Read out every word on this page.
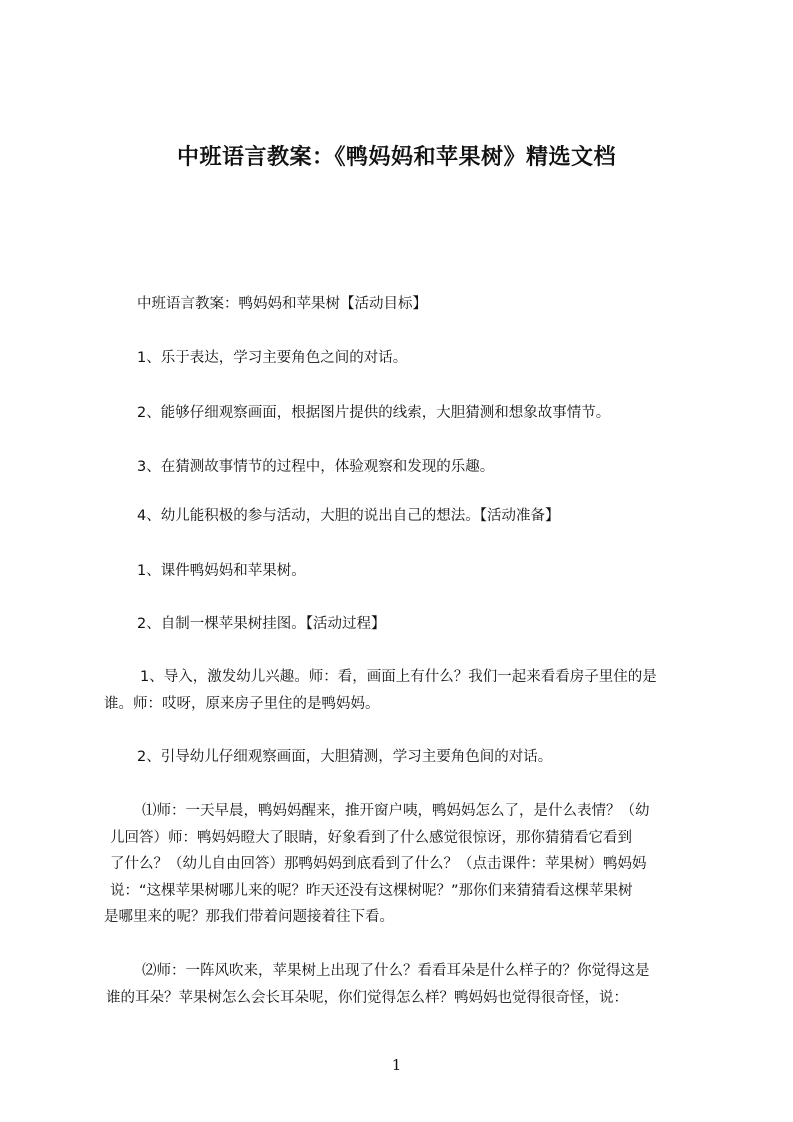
中班语言教案：《鸭妈妈和苹果树》精选文档
中班语言教案：鸭妈妈和苹果树【活动目标】
1、乐于表达，学习主要角色之间的对话。
2、能够仔细观察画面，根据图片提供的线索，大胆猜测和想象故事情节。
3、在猜测故事情节的过程中，体验观察和发现的乐趣。
4、幼儿能积极的参与活动，大胆的说出自己的想法。【活动准备】
1、课件鸭妈妈和苹果树。
2、自制一棵苹果树挂图。【活动过程】
1、导入，激发幼儿兴趣。师：看，画面上有什么？我们一起来看看房子里住的是
谁。师：哎呀，原来房子里住的是鸭妈妈。
2、引导幼儿仔细观察画面，大胆猜测，学习主要角色间的对话。
⑴师：一天早晨，鸭妈妈醒来，推开窗户咦，鸭妈妈怎么了，是什么表情？（幼
儿回答）师：鸭妈妈瞪大了眼睛，好象看到了什么感觉很惊讶，那你猜猜看它看到
了什么？（幼儿自由回答）那鸭妈妈到底看到了什么？（点击课件：苹果树）鸭妈妈
说：“这棵苹果树哪儿来的呢？昨天还没有这棵树呢？”那你们来猜猜看这棵苹果树
是哪里来的呢？那我们带着问题接着往下看。
⑵师：一阵风吹来，苹果树上出现了什么？看看耳朵是什么样子的？你觉得这是
谁的耳朵？苹果树怎么会长耳朵呢，你们觉得怎么样？鸭妈妈也觉得很奇怪，说：
1
